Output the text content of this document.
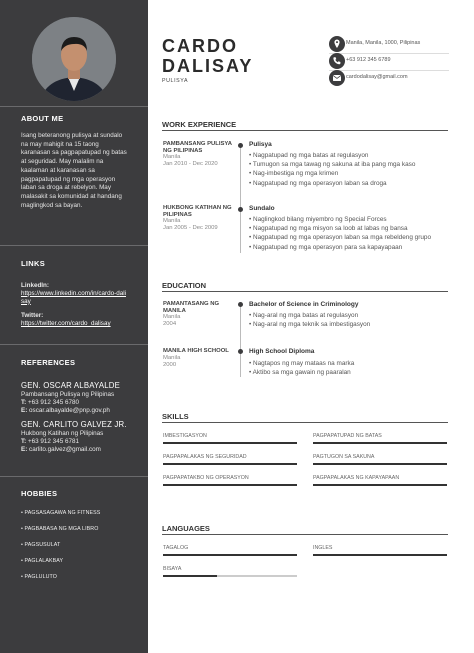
ABOUT ME
Isang beteranong pulisya at sundalo na may mahigit na 15 taong karanasan sa pagpapatupad ng batas at seguridad. May malalim na kaalaman at karanasan sa pagpapatupad ng mga operasyon laban sa droga at rebelyon. May malasakit sa komunidad at handang maglingkod sa bayan.
LINKS
LinkedIn:
https://www.linkedin.com/in/cardo-dalisay
Twitter:
https://twitter.com/cardo_dalisay
REFERENCES
GEN. OSCAR ALBAYALDE
Pambansang Pulisya ng Pilipinas
T: +63 912 345 6780
E: oscar.albayalde@pnp.gov.ph
GEN. CARLITO GALVEZ JR.
Hukbong Katihan ng Pilipinas
T: +63 912 345 6781
E: carlito.galvez@gmail.com
HOBBIES
• PAGSASAGAWA NG FITNESS
• PAGBABASA NG MGA LIBRO
• PAGSUSULAT
• PAGLALAKBAY
• PAGLULUTO
CARDO
DALISAY
PULISYA
Manila, Manila, 1000, Pilipinas
+63 912 345 6789
cardodalisay@gmail.com
WORK EXPERIENCE
PAMBANSANG PULISYA NG PILIPINAS
Manila
Jan 2010 - Dec 2020
Pulisya
• Nagpatupad ng mga batas at regulasyon
• Tumugon sa mga tawag ng sakuna at iba pang mga kaso
• Nag-imbestiga ng mga krimen
• Nagpatupad ng mga operasyon laban sa droga
HUKBONG KATIHAN NG PILIPINAS
Manila
Jan 2005 - Dec 2009
Sundalo
• Naglingkod bilang miyembro ng Special Forces
• Nagpatupad ng mga misyon sa loob at labas ng bansa
• Nagpatupad ng mga operasyon laban sa mga rebeldeng grupo
• Nagpatupad ng mga operasyon para sa kapayapaan
EDUCATION
PAMANTASANG NG MANILA
Manila
2004
Bachelor of Science in Criminology
• Nag-aral ng mga batas at regulasyon
• Nag-aral ng mga teknik sa imbestigasyon
MANILA HIGH SCHOOL
Manila
2000
High School Diploma
• Nagtapos ng may mataas na marka
• Aktibo sa mga gawain ng paaralan
SKILLS
IMBESTIGASYON	PAGPAPATUPAD NG BATAS
PAGPAPALAKAS NG SEGURIDAD	PAGTUGON SA SAKUNA
PAGPAPATAKBO NG OPERASYON	PAGPAPALAKAS NG KAPAYAPAAN
LANGUAGES
TAGALOG	INGLES
BISAYA
